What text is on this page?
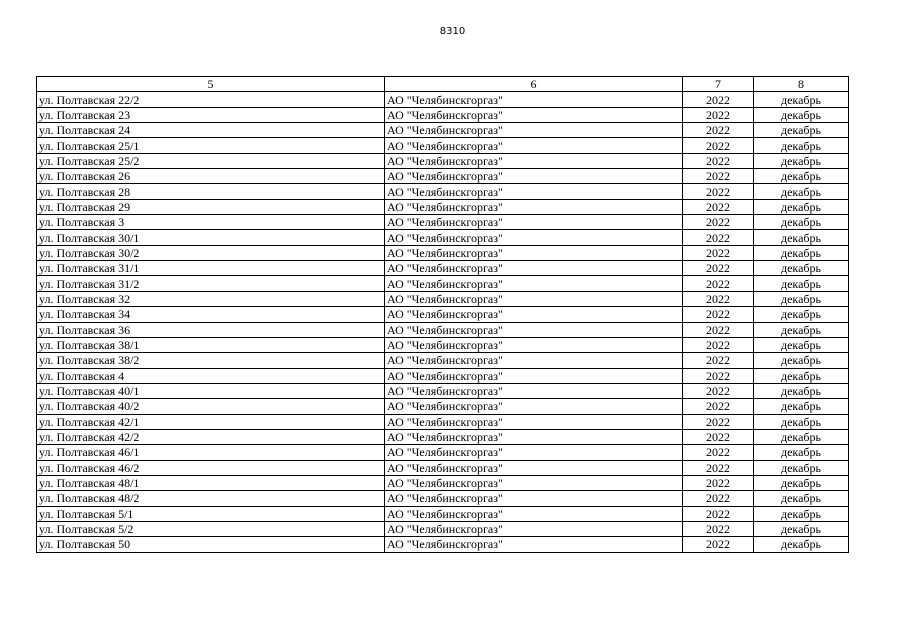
8310
5	6	7	8
ул. Полтавская 22/2	АО "Челябинскгоргаз"	2022	декабрь
ул. Полтавская 23	АО "Челябинскгоргаз"	2022	декабрь
ул. Полтавская 24	АО "Челябинскгоргаз"	2022	декабрь
ул. Полтавская 25/1	АО "Челябинскгоргаз"	2022	декабрь
ул. Полтавская 25/2	АО "Челябинскгоргаз"	2022	декабрь
ул. Полтавская 26	АО "Челябинскгоргаз"	2022	декабрь
ул. Полтавская 28	АО "Челябинскгоргаз"	2022	декабрь
ул. Полтавская 29	АО "Челябинскгоргаз"	2022	декабрь
ул. Полтавская 3	АО "Челябинскгоргаз"	2022	декабрь
ул. Полтавская 30/1	АО "Челябинскгоргаз"	2022	декабрь
ул. Полтавская 30/2	АО "Челябинскгоргаз"	2022	декабрь
ул. Полтавская 31/1	АО "Челябинскгоргаз"	2022	декабрь
ул. Полтавская 31/2	АО "Челябинскгоргаз"	2022	декабрь
ул. Полтавская 32	АО "Челябинскгоргаз"	2022	декабрь
ул. Полтавская 34	АО "Челябинскгоргаз"	2022	декабрь
ул. Полтавская 36	АО "Челябинскгоргаз"	2022	декабрь
ул. Полтавская 38/1	АО "Челябинскгоргаз"	2022	декабрь
ул. Полтавская 38/2	АО "Челябинскгоргаз"	2022	декабрь
ул. Полтавская 4	АО "Челябинскгоргаз"	2022	декабрь
ул. Полтавская 40/1	АО "Челябинскгоргаз"	2022	декабрь
ул. Полтавская 40/2	АО "Челябинскгоргаз"	2022	декабрь
ул. Полтавская 42/1	АО "Челябинскгоргаз"	2022	декабрь
ул. Полтавская 42/2	АО "Челябинскгоргаз"	2022	декабрь
ул. Полтавская 46/1	АО "Челябинскгоргаз"	2022	декабрь
ул. Полтавская 46/2	АО "Челябинскгоргаз"	2022	декабрь
ул. Полтавская 48/1	АО "Челябинскгоргаз"	2022	декабрь
ул. Полтавская 48/2	АО "Челябинскгоргаз"	2022	декабрь
ул. Полтавская 5/1	АО "Челябинскгоргаз"	2022	декабрь
ул. Полтавская 5/2	АО "Челябинскгоргаз"	2022	декабрь
ул. Полтавская 50	АО "Челябинскгоргаз"	2022	декабрь
